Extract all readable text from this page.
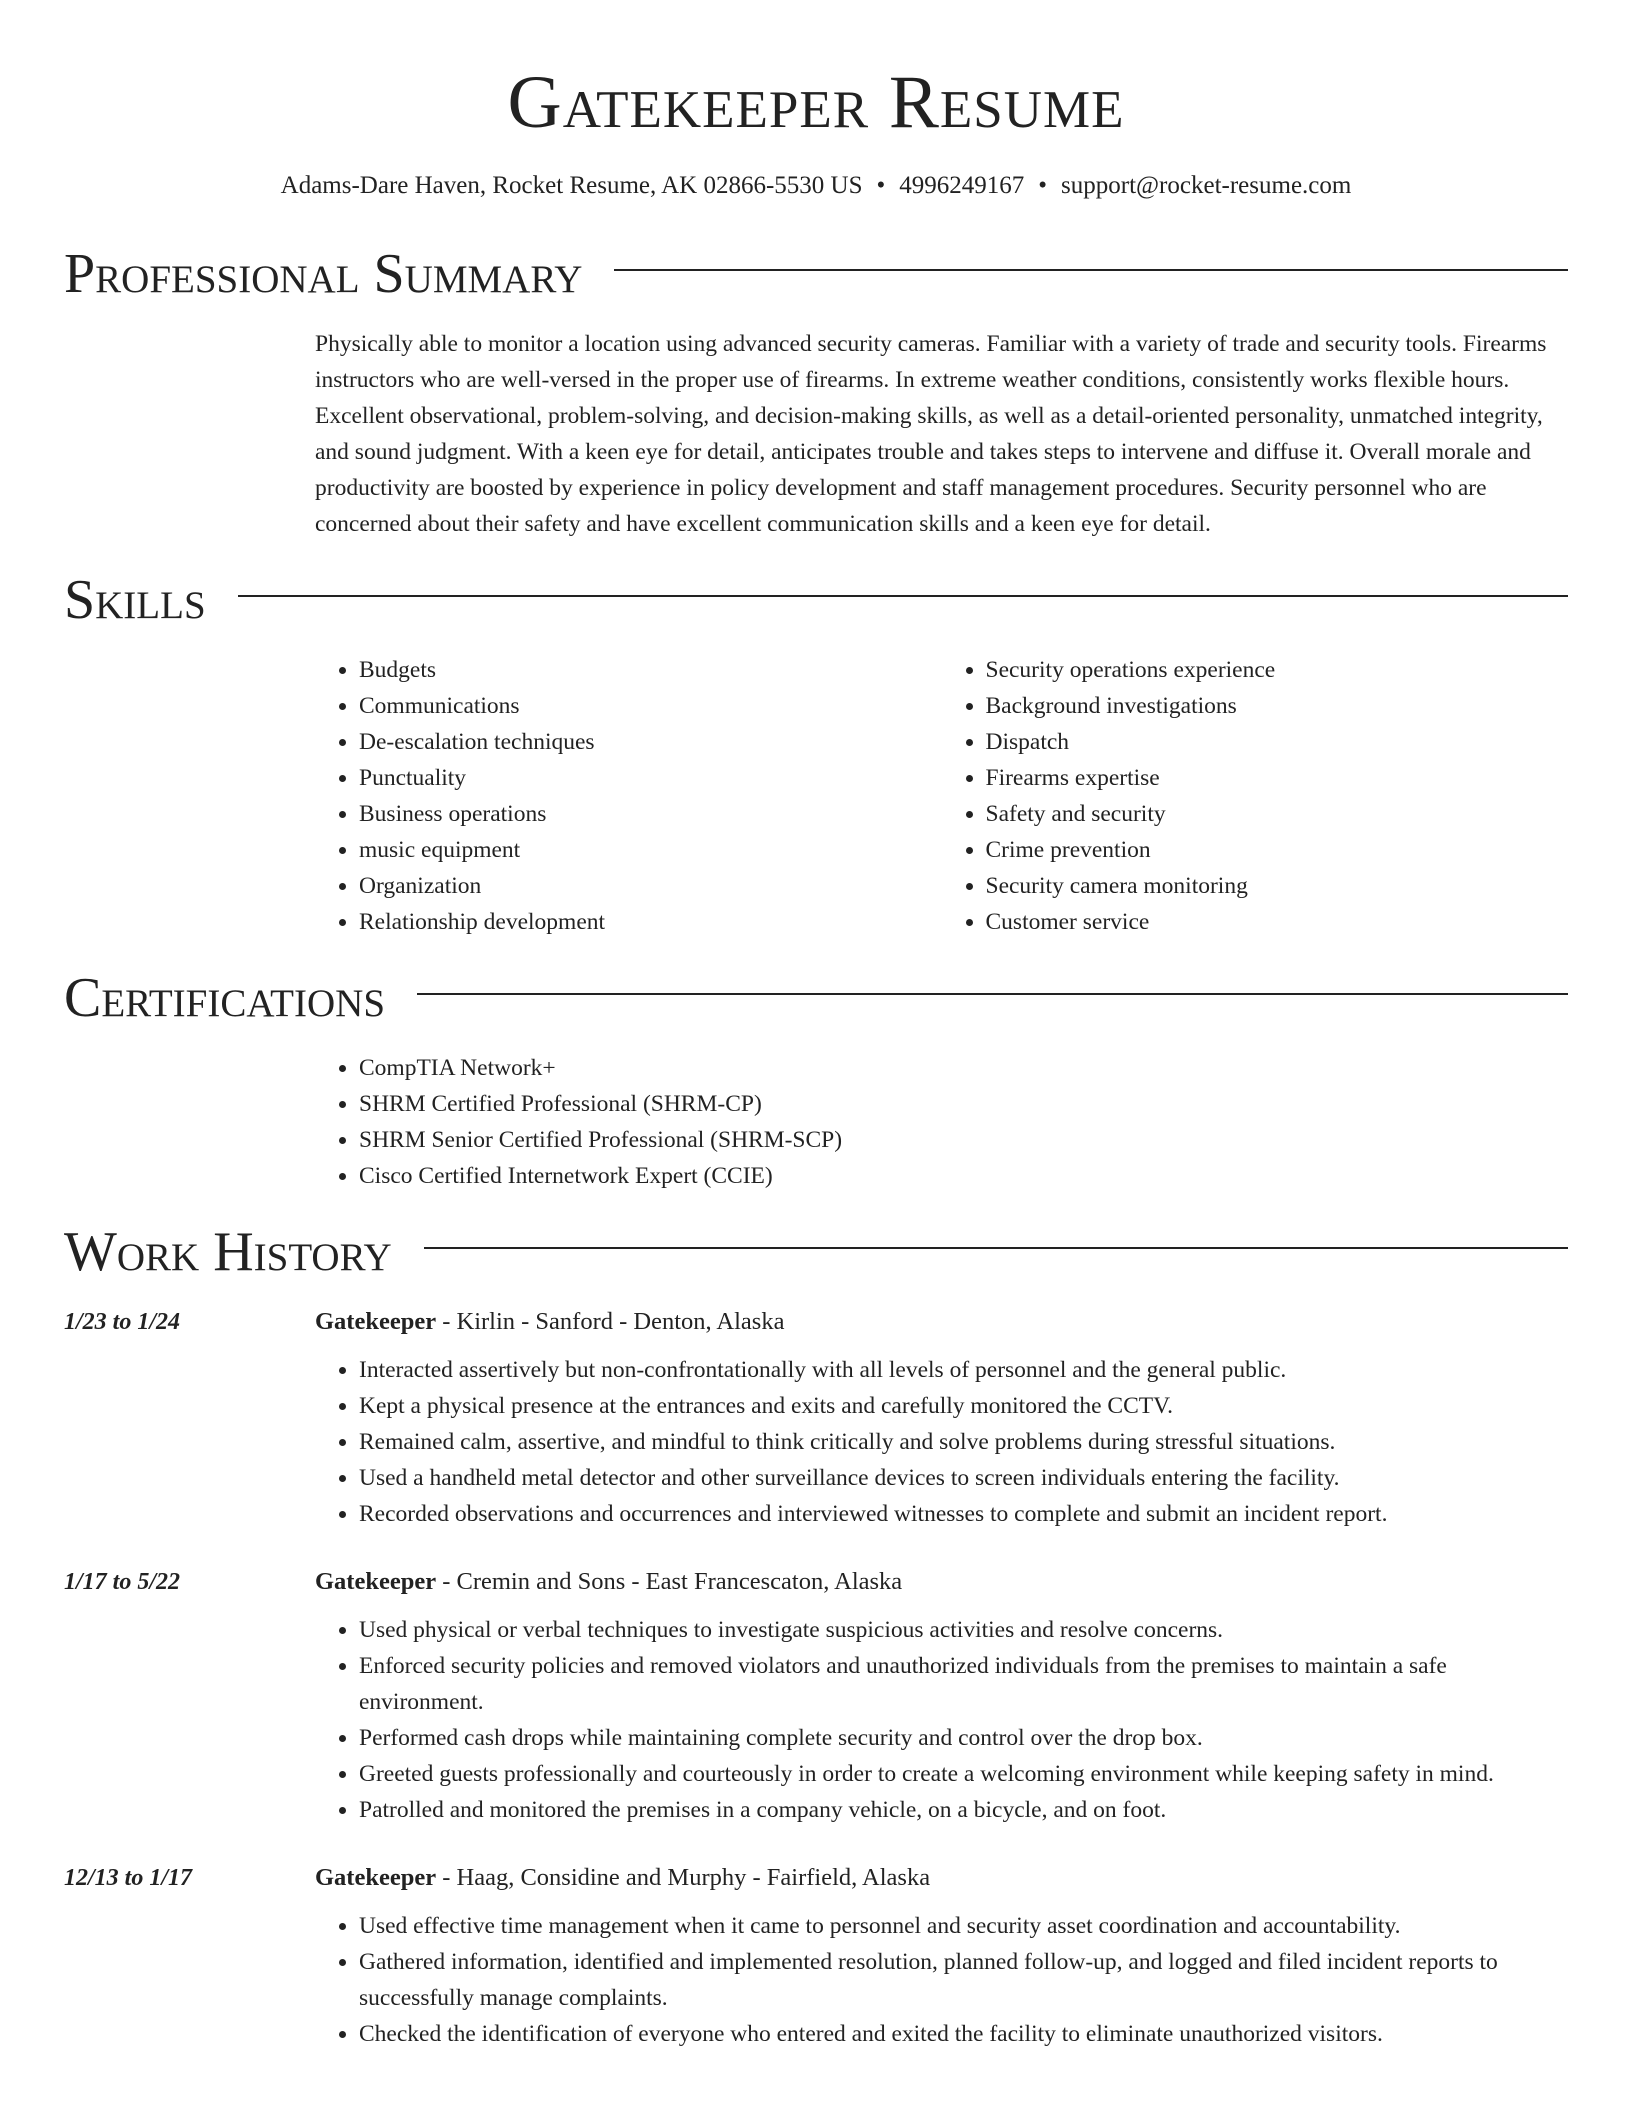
Gatekeeper Resume
Adams-Dare Haven, Rocket Resume, AK 02866-5530 US • 4996249167 • support@rocket-resume.com
Professional Summary
Physically able to monitor a location using advanced security cameras. Familiar with a variety of trade and security tools. Firearms instructors who are well-versed in the proper use of firearms. In extreme weather conditions, consistently works flexible hours. Excellent observational, problem-solving, and decision-making skills, as well as a detail-oriented personality, unmatched integrity, and sound judgment. With a keen eye for detail, anticipates trouble and takes steps to intervene and diffuse it. Overall morale and productivity are boosted by experience in policy development and staff management procedures. Security personnel who are concerned about their safety and have excellent communication skills and a keen eye for detail.
Skills
• Budgets
• Communications
• De-escalation techniques
• Punctuality
• Business operations
• music equipment
• Organization
• Relationship development
• Security operations experience
• Background investigations
• Dispatch
• Firearms expertise
• Safety and security
• Crime prevention
• Security camera monitoring
• Customer service
Certifications
• CompTIA Network+
• SHRM Certified Professional (SHRM-CP)
• SHRM Senior Certified Professional (SHRM-SCP)
• Cisco Certified Internetwork Expert (CCIE)
Work History
1/23 to 1/24	Gatekeeper - Kirlin - Sanford - Denton, Alaska
• Interacted assertively but non-confrontationally with all levels of personnel and the general public.
• Kept a physical presence at the entrances and exits and carefully monitored the CCTV.
• Remained calm, assertive, and mindful to think critically and solve problems during stressful situations.
• Used a handheld metal detector and other surveillance devices to screen individuals entering the facility.
• Recorded observations and occurrences and interviewed witnesses to complete and submit an incident report.
1/17 to 5/22	Gatekeeper - Cremin and Sons - East Francescaton, Alaska
• Used physical or verbal techniques to investigate suspicious activities and resolve concerns.
• Enforced security policies and removed violators and unauthorized individuals from the premises to maintain a safe environment.
• Performed cash drops while maintaining complete security and control over the drop box.
• Greeted guests professionally and courteously in order to create a welcoming environment while keeping safety in mind.
• Patrolled and monitored the premises in a company vehicle, on a bicycle, and on foot.
12/13 to 1/17	Gatekeeper - Haag, Considine and Murphy - Fairfield, Alaska
• Used effective time management when it came to personnel and security asset coordination and accountability.
• Gathered information, identified and implemented resolution, planned follow-up, and logged and filed incident reports to successfully manage complaints.
• Checked the identification of everyone who entered and exited the facility to eliminate unauthorized visitors.
